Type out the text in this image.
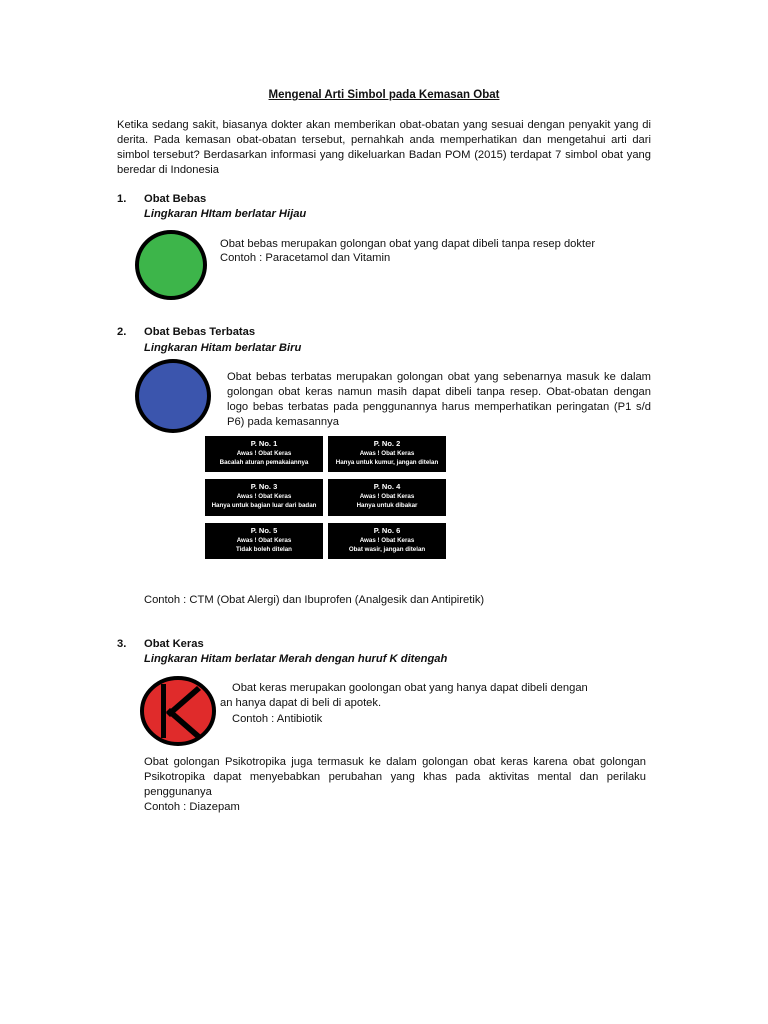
Mengenal Arti Simbol pada Kemasan Obat
Ketika sedang sakit, biasanya dokter akan memberikan obat-obatan yang sesuai dengan penyakit yang di derita. Pada kemasan obat-obatan tersebut, pernahkah anda memperhatikan dan mengetahui arti dari simbol tersebut? Berdasarkan informasi yang dikeluarkan Badan POM (2015) terdapat 7 simbol obat yang beredar di Indonesia
1. Obat Bebas
Lingkaran HItam berlatar Hijau
Obat bebas merupakan golongan obat yang dapat dibeli tanpa resep dokter
Contoh : Paracetamol dan Vitamin
2. Obat Bebas Terbatas
Lingkaran Hitam berlatar Biru
Obat bebas terbatas merupakan golongan obat yang sebenarnya masuk ke dalam golongan obat keras namun masih dapat dibeli tanpa resep. Obat-obatan dengan logo bebas terbatas pada penggunannya harus memperhatikan peringatan (P1 s/d P6) pada kemasannya
P. No. 1
Awas ! Obat Keras
Bacalah aturan pemakaiannya
P. No. 2
Awas ! Obat Keras
Hanya untuk kumur, jangan ditelan
P. No. 3
Awas ! Obat Keras
Hanya untuk bagian luar dari badan
P. No. 4
Awas ! Obat Keras
Hanya untuk dibakar
P. No. 5
Awas ! Obat Keras
Tidak boleh ditelan
P. No. 6
Awas ! Obat Keras
Obat wasir, jangan ditelan
Contoh : CTM (Obat Alergi) dan Ibuprofen (Analgesik dan Antipiretik)
3. Obat Keras
Lingkaran Hitam berlatar Merah dengan huruf K ditengah
Obat keras merupakan goolongan obat yang hanya dapat dibeli dengan
an hanya dapat di beli di apotek.
Contoh : Antibiotik
Obat golongan Psikotropika juga termasuk ke dalam golongan obat keras karena obat golongan Psikotropika dapat menyebabkan perubahan yang khas pada aktivitas mental dan perilaku penggunanya
Contoh : Diazepam
